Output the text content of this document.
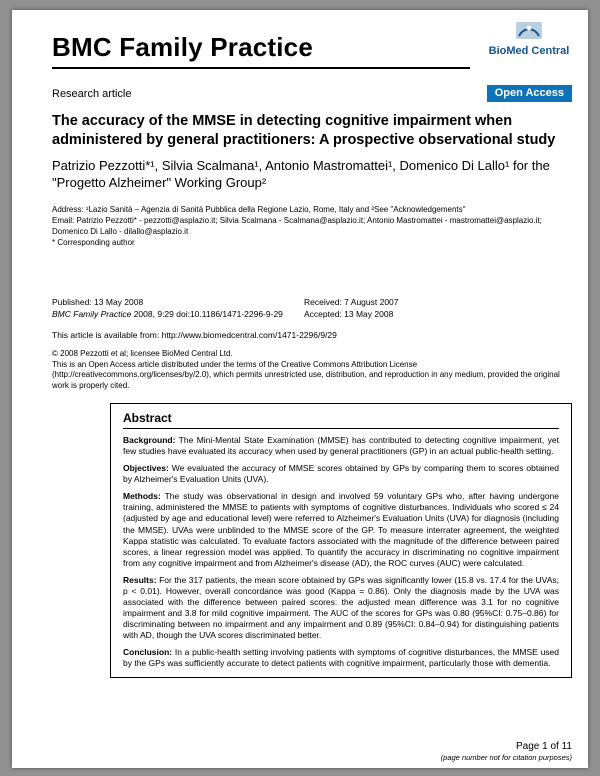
BMC Family Practice	BioMed Central
Research article	Open Access
The accuracy of the MMSE in detecting cognitive impairment when administered by general practitioners: A prospective observational study

Patrizio Pezzotti*¹, Silvia Scalmana¹, Antonio Mastromattei¹, Domenico Di Lallo¹ for the "Progetto Alzheimer" Working Group²

Address: ¹Lazio Sanità – Agenzia di Sanità Pubblica della Regione Lazio, Rome, Italy and ²See "Acknowledgements"

Email: Patrizio Pezzotti* - pezzotti@asplazio.it; Silvia Scalmana - Scalmana@asplazio.it; Antonio Mastromattei - mastromattei@asplazio.it; Domenico Di Lallo - dilallo@asplazio.it

* Corresponding author

Published: 13 May 2008
BMC Family Practice 2008, 9:29 doi:10.1186/1471-2296-9-29
Received: 7 August 2007
Accepted: 13 May 2008
This article is available from: http://www.biomedcentral.com/1471-2296/9/29
© 2008 Pezzotti et al; licensee BioMed Central Ltd.
This is an Open Access article distributed under the terms of the Creative Commons Attribution License (http://creativecommons.org/licenses/by/2.0), which permits unrestricted use, distribution, and reproduction in any medium, provided the original work is properly cited.
Abstract

Background: The Mini-Mental State Examination (MMSE) has contributed to detecting cognitive impairment, yet few studies have evaluated its accuracy when used by general practitioners (GP) in an actual public-health setting.

Objectives: We evaluated the accuracy of MMSE scores obtained by GPs by comparing them to scores obtained by Alzheimer's Evaluation Units (UVA).

Methods: The study was observational in design and involved 59 voluntary GPs who, after having undergone training, administered the MMSE to patients with symptoms of cognitive disturbances. Individuals who scored ≤ 24 (adjusted by age and educational level) were referred to Alzheimer's Evaluation Units (UVA) for diagnosis (including the MMSE). UVAs were unblinded to the MMSE score of the GP. To measure interrater agreement, the weighted Kappa statistic was calculated. To evaluate factors associated with the magnitude of the difference between paired scores, a linear regression model was applied. To quantify the accuracy in discriminating no cognitive impairment from any cognitive impairment and from Alzheimer's disease (AD), the ROC curves (AUC) were calculated.

Results: For the 317 patients, the mean score obtained by GPs was significantly lower (15.8 vs. 17.4 for the UVAs; p < 0.01). However, overall concordance was good (Kappa = 0.86). Only the diagnosis made by the UVA was associated with the difference between paired scores: the adjusted mean difference was 3.1 for no cognitive impairment and 3.8 for mild cognitive impairment. The AUC of the scores for GPs was 0.80 (95%CI: 0.75–0.86) for discriminating between no impairment and any impairment and 0.89 (95%CI: 0.84–0.94) for distinguishing patients with AD, though the UVA scores discriminated better.

Conclusion: In a public-health setting involving patients with symptoms of cognitive disturbances, the MMSE used by the GPs was sufficiently accurate to detect patients with cognitive impairment, particularly those with dementia.

Page 1 of 11
(page number not for citation purposes)
